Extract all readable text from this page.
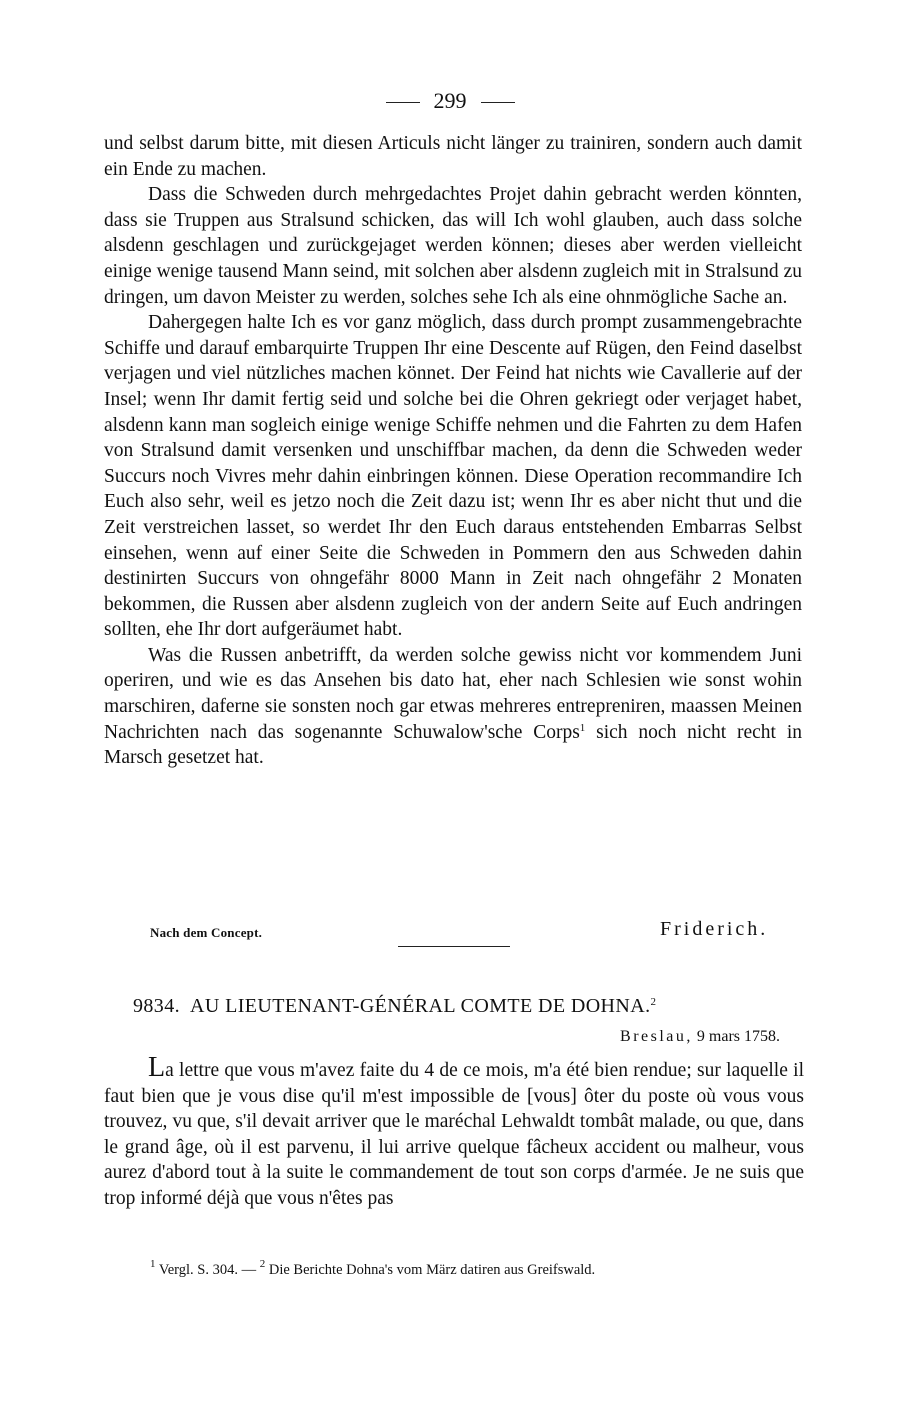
299

und selbst darum bitte, mit diesen Articuls nicht länger zu trainiren, sondern auch damit ein Ende zu machen.

Dass die Schweden durch mehrgedachtes Projet dahin gebracht werden könnten, dass sie Truppen aus Stralsund schicken, das will Ich wohl glauben, auch dass solche alsdenn geschlagen und zurückgejaget werden können; dieses aber werden vielleicht einige wenige tausend Mann seind, mit solchen aber alsdenn zugleich mit in Stralsund zu dringen, um davon Meister zu werden, solches sehe Ich als eine ohnmögliche Sache an.

Dahergegen halte Ich es vor ganz möglich, dass durch prompt zusammengebrachte Schiffe und darauf embarquirte Truppen Ihr eine Descente auf Rügen, den Feind daselbst verjagen und viel nützliches machen könnet. Der Feind hat nichts wie Cavallerie auf der Insel; wenn Ihr damit fertig seid und solche bei die Ohren gekriegt oder verjaget habet, alsdenn kann man sogleich einige wenige Schiffe nehmen und die Fahrten zu dem Hafen von Stralsund damit versenken und unschiffbar machen, da denn die Schweden weder Succurs noch Vivres mehr dahin einbringen können. Diese Operation recommandire Ich Euch also sehr, weil es jetzo noch die Zeit dazu ist; wenn Ihr es aber nicht thut und die Zeit verstreichen lasset, so werdet Ihr den Euch daraus entstehenden Embarras Selbst einsehen, wenn auf einer Seite die Schweden in Pommern den aus Schweden dahin destinirten Succurs von ohngefähr 8000 Mann in Zeit nach ohngefähr 2 Monaten bekommen, die Russen aber alsdenn zugleich von der andern Seite auf Euch andringen sollten, ehe Ihr dort aufgeräumet habt.

Was die Russen anbetrifft, da werden solche gewiss nicht vor kommendem Juni operiren, und wie es das Ansehen bis dato hat, eher nach Schlesien wie sonst wohin marschiren, daferne sie sonsten noch gar etwas mehreres entrepreniren, maassen Meinen Nachrichten nach das sogenannte Schuwalow'sche Corps$^1$ sich noch nicht recht in Marsch gesetzet hat.

Nach dem Concept.	Friderich.
9834. AU LIEUTENANT-GÉNÉRAL COMTE DE DOHNA.$^2$
Breslau, 9 mars 1758.

La lettre que vous m'avez faite du 4 de ce mois, m'a été bien rendue; sur laquelle il faut bien que je vous dise qu'il m'est impossible de [vous] ôter du poste où vous vous trouvez, vu que, s'il devait arriver que le maréchal Lehwaldt tombât malade, ou que, dans le grand âge, où il est parvenu, il lui arrive quelque fâcheux accident ou malheur, vous aurez d'abord tout à la suite le commandement de tout son corps d'armée. Je ne suis que trop informé déjà que vous n'êtes pas

$^1$ Vergl. S. 304. — $^2$ Die Berichte Dohna's vom März datiren aus Greifswald.
